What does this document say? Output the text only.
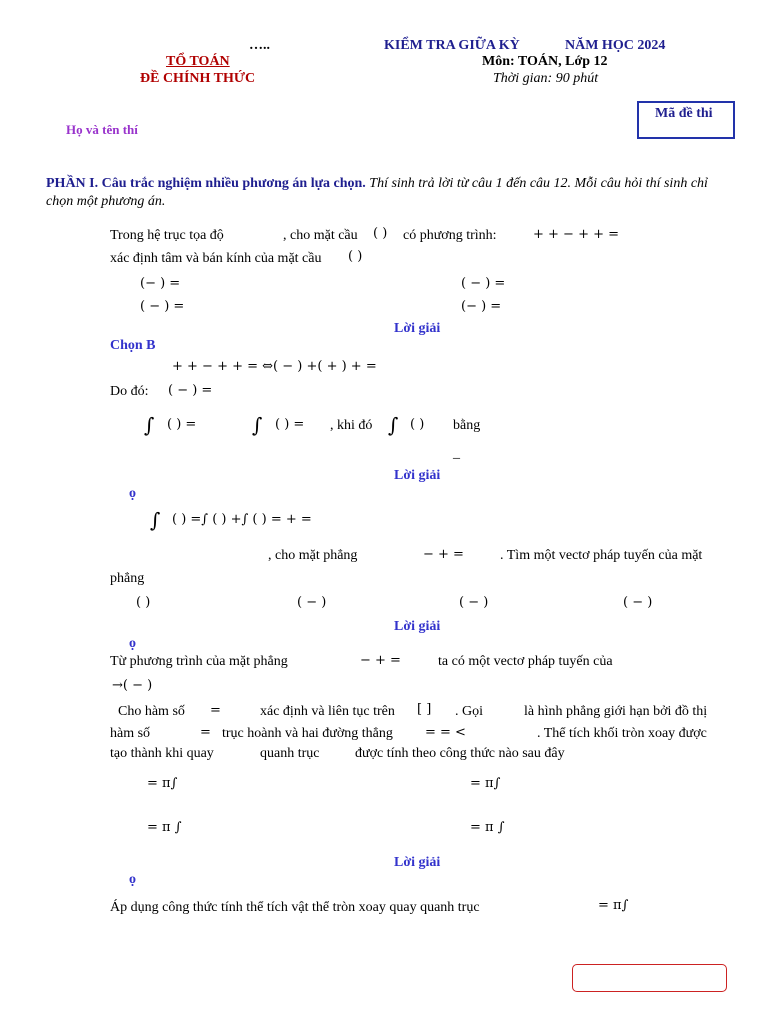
…..
TỔ TOÁN
ĐỀ CHÍNH THỨC
KIỂM TRA GIỮA KỲ	NĂM HỌC 2024
Môn: TOÁN, Lớp 12
Thời gian: 90 phút
Mã đề thi
Họ và tên thí
PHẦN I. Câu trắc nghiệm nhiều phương án lựa chọn. Thí sinh trả lời từ câu 1 đến câu 12. Mỗi câu hỏi thí sinh chỉ chọn một phương án.
Trong hệ trục tọa độ	, cho mặt cầu ( ) có phương trình:	+ + − + + =
xác định tâm và bán kính của mặt cầu ( )
(− ) =	( − ) =
( − ) =	(− ) =
Lời giải
Chọn B
+ + − + + = ⇔( − ) +( + ) + =
Do đó: ( − ) =
∫ ( ) =	∫ ( ) = , khi đó ∫ ( ) bằng
_
Lời giải
ọ
∫ ( ) =∫ ( ) +∫ ( ) = + =
, cho mặt phẳng	− + =	. Tìm một vectơ pháp tuyến của mặt
phẳng
( )	( − )	( − )	( − )
Lời giải
ọ
Từ phương trình của mặt phẳng	− + =	ta có một vectơ pháp tuyến của
→( − )
Cho hàm số =	xác định và liên tục trên [ ] . Gọi	là hình phẳng giới hạn bởi đồ thị
hàm số	= trục hoành và hai đường thẳng = = <	. Thể tích khối tròn xoay được
tạo thành khi quay	quanh trục	được tính theo công thức nào sau đây
= π∫	= π∫
= π ∫	= π ∫
Lời giải
ọ
Áp dụng công thức tính thể tích vật thể tròn xoay quay quanh trục	= π∫
